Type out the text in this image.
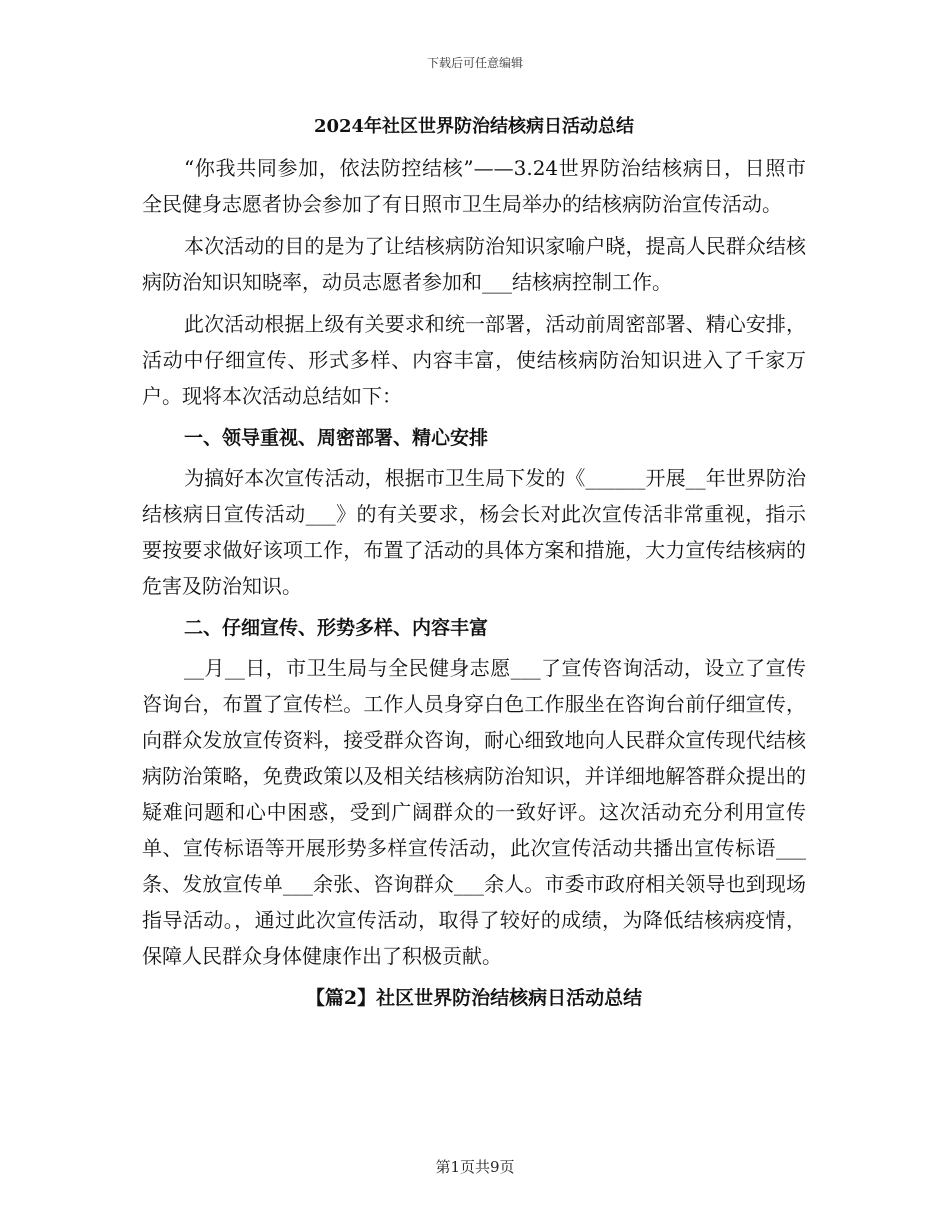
下载后可任意编辑
2024年社区世界防治结核病日活动总结

“你我共同参加，依法防控结核”——3.24世界防治结核病日，日照市全民健身志愿者协会参加了有日照市卫生局举办的结核病防治宣传活动。

本次活动的目的是为了让结核病防治知识家喻户晓，提高人民群众结核病防治知识知晓率，动员志愿者参加和___结核病控制工作。

此次活动根据上级有关要求和统一部署，活动前周密部署、精心安排，活动中仔细宣传、形式多样、内容丰富，使结核病防治知识进入了千家万户。现将本次活动总结如下：

一、领导重视、周密部署、精心安排

为搞好本次宣传活动，根据市卫生局下发的《______开展__年世界防治结核病日宣传活动___》的有关要求，杨会长对此次宣传活非常重视，指示要按要求做好该项工作，布置了活动的具体方案和措施，大力宣传结核病的危害及防治知识。

二、仔细宣传、形势多样、内容丰富

__月__日，市卫生局与全民健身志愿___了宣传咨询活动，设立了宣传咨询台，布置了宣传栏。工作人员身穿白色工作服坐在咨询台前仔细宣传，向群众发放宣传资料，接受群众咨询，耐心细致地向人民群众宣传现代结核病防治策略，免费政策以及相关结核病防治知识，并详细地解答群众提出的疑难问题和心中困惑，受到广阔群众的一致好评。这次活动充分利用宣传单、宣传标语等开展形势多样宣传活动，此次宣传活动共播出宣传标语___条、发放宣传单___余张、咨询群众___余人。市委市政府相关领导也到现场指导活动。，通过此次宣传活动，取得了较好的成绩，为降低结核病疫情，保障人民群众身体健康作出了积极贡献。

【篇2】社区世界防治结核病日活动总结
第1页共9页
